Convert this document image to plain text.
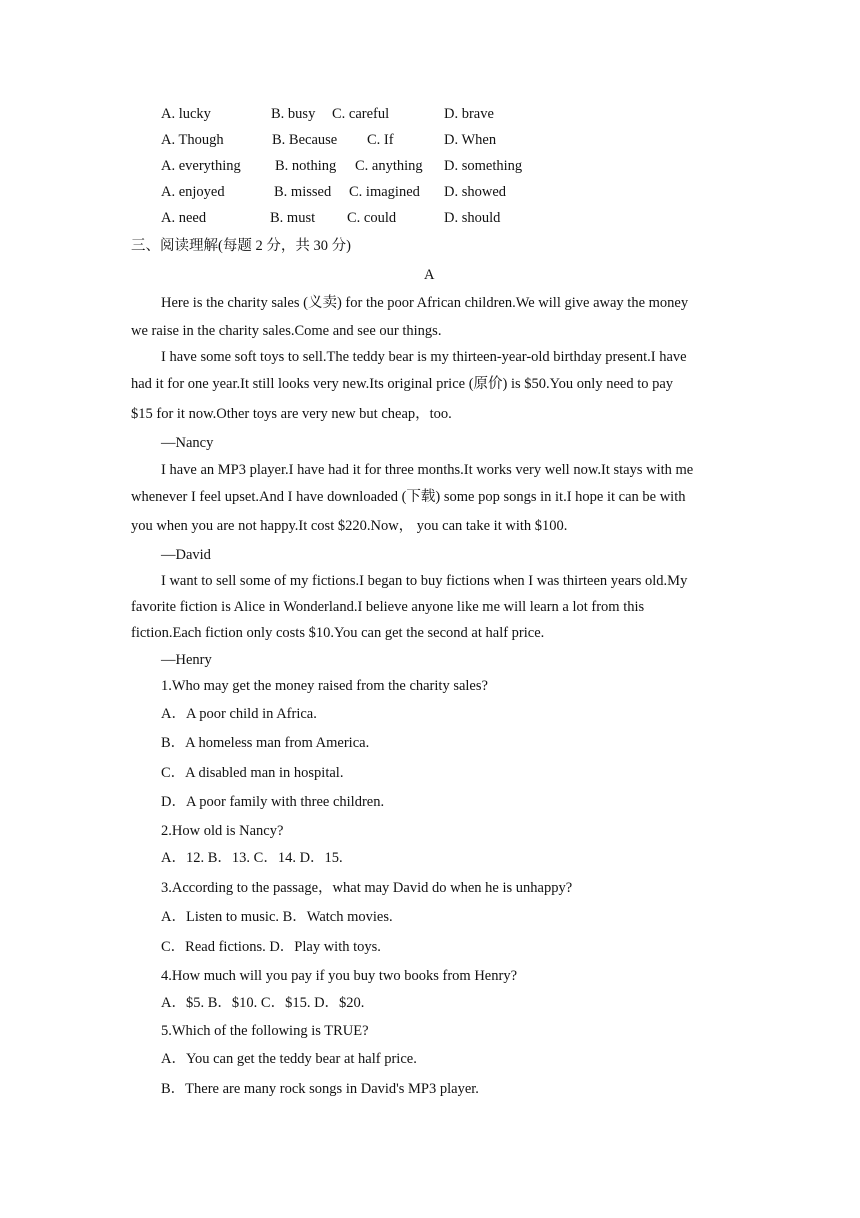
A. lucky	B. busy C. careful	D. brave
A. Though	B. Because C. If	D. When
A. everything B. nothing C. anything D. something
A. enjoyed	B. missed C. imagined D. showed
A. need	B. must C. could	D. should
三、阅读理解(每题 2 分，共 30 分)
A
Here is the charity sales (义卖) for the poor African children.We will give away the money
we raise in the charity sales.Come and see our things.
I have some soft toys to sell.The teddy bear is my thirteen-year-old birthday present.I have
had it for one year.It still looks very new.Its original price (原价) is $50.You only need to pay
$15 for it now.Other toys are very new but cheap，too.
—Nancy
I have an MP3 player.I have had it for three months.It works very well now.It stays with me
whenever I feel upset.And I have downloaded (下载) some pop songs in it.I hope it can be with
you when you are not happy.It cost $220.Now， you can take it with $100.
—David
I want to sell some of my fictions.I began to buy fictions when I was thirteen years old.My
favorite fiction is Alice in Wonderland.I believe anyone like me will learn a lot from this
fiction.Each fiction only costs $10.You can get the second at half price.
—Henry
1.Who may get the money raised from the charity sales?
A．A poor child in Africa.
B．A homeless man from America.
C．A disabled man in hospital.
D．A poor family with three children.
2.How old is Nancy?
A．12. B．13. C．14. D．15.
3.According to the passage，what may David do when he is unhappy?
A．Listen to music. B．Watch movies.
C．Read fictions. D．Play with toys.
4.How much will you pay if you buy two books from Henry?
A．$5. B．$10. C．$15. D．$20.
5.Which of the following is TRUE?
A．You can get the teddy bear at half price.
B．There are many rock songs in David's MP3 player.
